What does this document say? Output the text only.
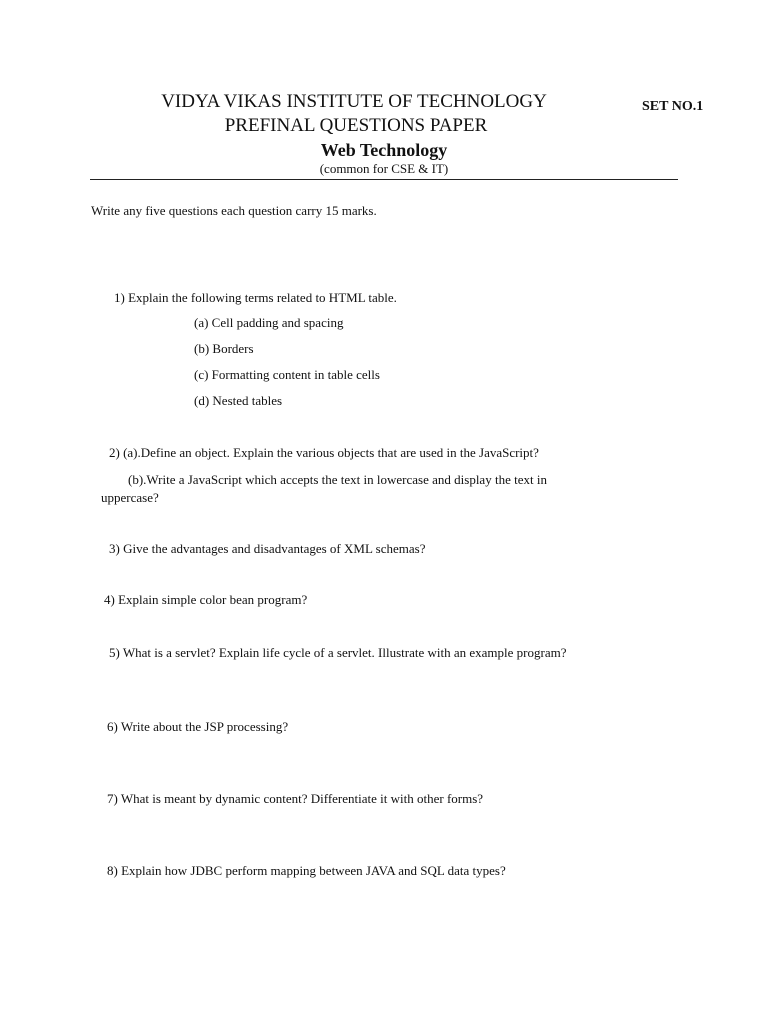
VIDYA VIKAS INSTITUTE OF TECHNOLOGY
PREFINAL QUESTIONS PAPER
SET NO.1
Web Technology
(common for CSE & IT)
Write any five questions each question carry 15 marks.
1) Explain the following terms related to HTML table.
(a) Cell padding and spacing
(b) Borders
(c) Formatting content in table cells
(d) Nested tables
2) (a).Define an object. Explain the various objects that are used in the JavaScript?
(b).Write a JavaScript which accepts the text in lowercase and display the text in
uppercase?
3) Give the advantages and disadvantages of XML schemas?
4) Explain simple color bean program?
5) What is a servlet? Explain life cycle of a servlet. Illustrate with an example program?
6) Write about the JSP processing?
7) What is meant by dynamic content? Differentiate it with other forms?
8) Explain how JDBC perform mapping between JAVA and SQL data types?
